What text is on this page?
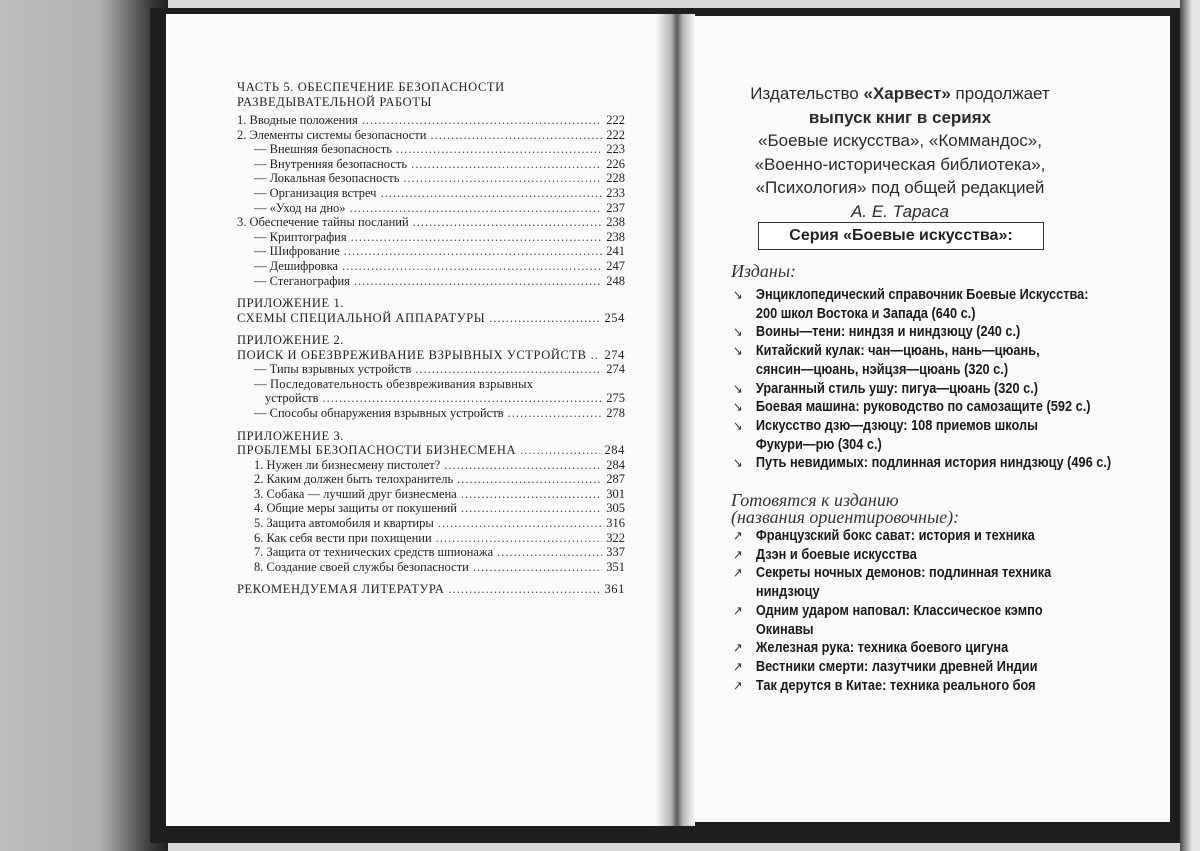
ЧАСТЬ 5. ОБЕСПЕЧЕНИЕ БЕЗОПАСНОСТИ
РАЗВЕДЫВАТЕЛЬНОЙ РАБОТЫ
1. Вводные положения .....	222
2. Элементы системы безопасности .....	222
— Внешняя безопасность .....	223
— Внутренняя безопасность .....	226
— Локальная безопасность .....	228
— Организация встреч .....	233
— «Уход на дно» .....	237
3. Обеспечение тайны посланий .....	238
— Криптография .....	238
— Шифрование .....	241
— Дешифровка .....	247
— Стеганография .....	248
ПРИЛОЖЕНИЕ 1.
СХЕМЫ СПЕЦИАЛЬНОЙ АППАРАТУРЫ .....	254
ПРИЛОЖЕНИЕ 2.
ПОИСК И ОБЕЗВРЕЖИВАНИЕ ВЗРЫВНЫХ УСТРОЙСТВ ..... 274
— Типы взрывных устройств .....	274
— Последовательность обезвреживания взрывных
устройств .....	275
— Способы обнаружения взрывных устройств .....	278
ПРИЛОЖЕНИЕ 3.
ПРОБЛЕМЫ БЕЗОПАСНОСТИ БИЗНЕСМЕНА .....	284
1. Нужен ли бизнесмену пистолет? .....	284
2. Каким должен быть телохранитель .....	287
3. Собака — лучший друг бизнесмена .....	301
4. Общие меры защиты от покушений .....	305
5. Защита автомобиля и квартиры .....	316
6. Как себя вести при похищении .....	322
7. Защита от технических средств шпионажа .....	337
8. Создание своей службы безопасности .....	351
РЕКОМЕНДУЕМАЯ ЛИТЕРАТУРА .....	361
Издательство «Харвест» продолжает
выпуск книг в сериях
«Боевые искусства», «Коммандос»,
«Военно-историческая библиотека»,
«Психология» под общей редакцией
А. Е. Тараса
Серия «Боевые искусства»:
Изданы:
↘ Энциклопедический справочник Боевые Искусства:
200 школ Востока и Запада (640 с.)
↘ Воины—тени: ниндзя и ниндзюцу (240 с.)
↘ Китайский кулак: чан—цюань, нань—цюань,
сянсин—цюань, нэйцзя—цюань (320 с.)
↘ Ураганный стиль ушу: пигуа—цюань (320 с.)
↘ Боевая машина: руководство по самозащите (592 с.)
↘ Искусство дзю—дзюцу: 108 приемов школы
Фукури—рю (304 с.)
↘ Путь невидимых: подлинная история ниндзюцу (496 с.)
Готовятся к изданию
(названия ориентировочные):
↗ Французский бокс сават: история и техника
↗ Дзэн и боевые искусства
↗ Секреты ночных демонов: подлинная техника
ниндзюцу
↗ Одним ударом наповал: Классическое кэмпо
Окинавы
↗ Железная рука: техника боевого цигуна
↗ Вестники смерти: лазутчики древней Индии
↗ Так дерутся в Китае: техника реального боя
